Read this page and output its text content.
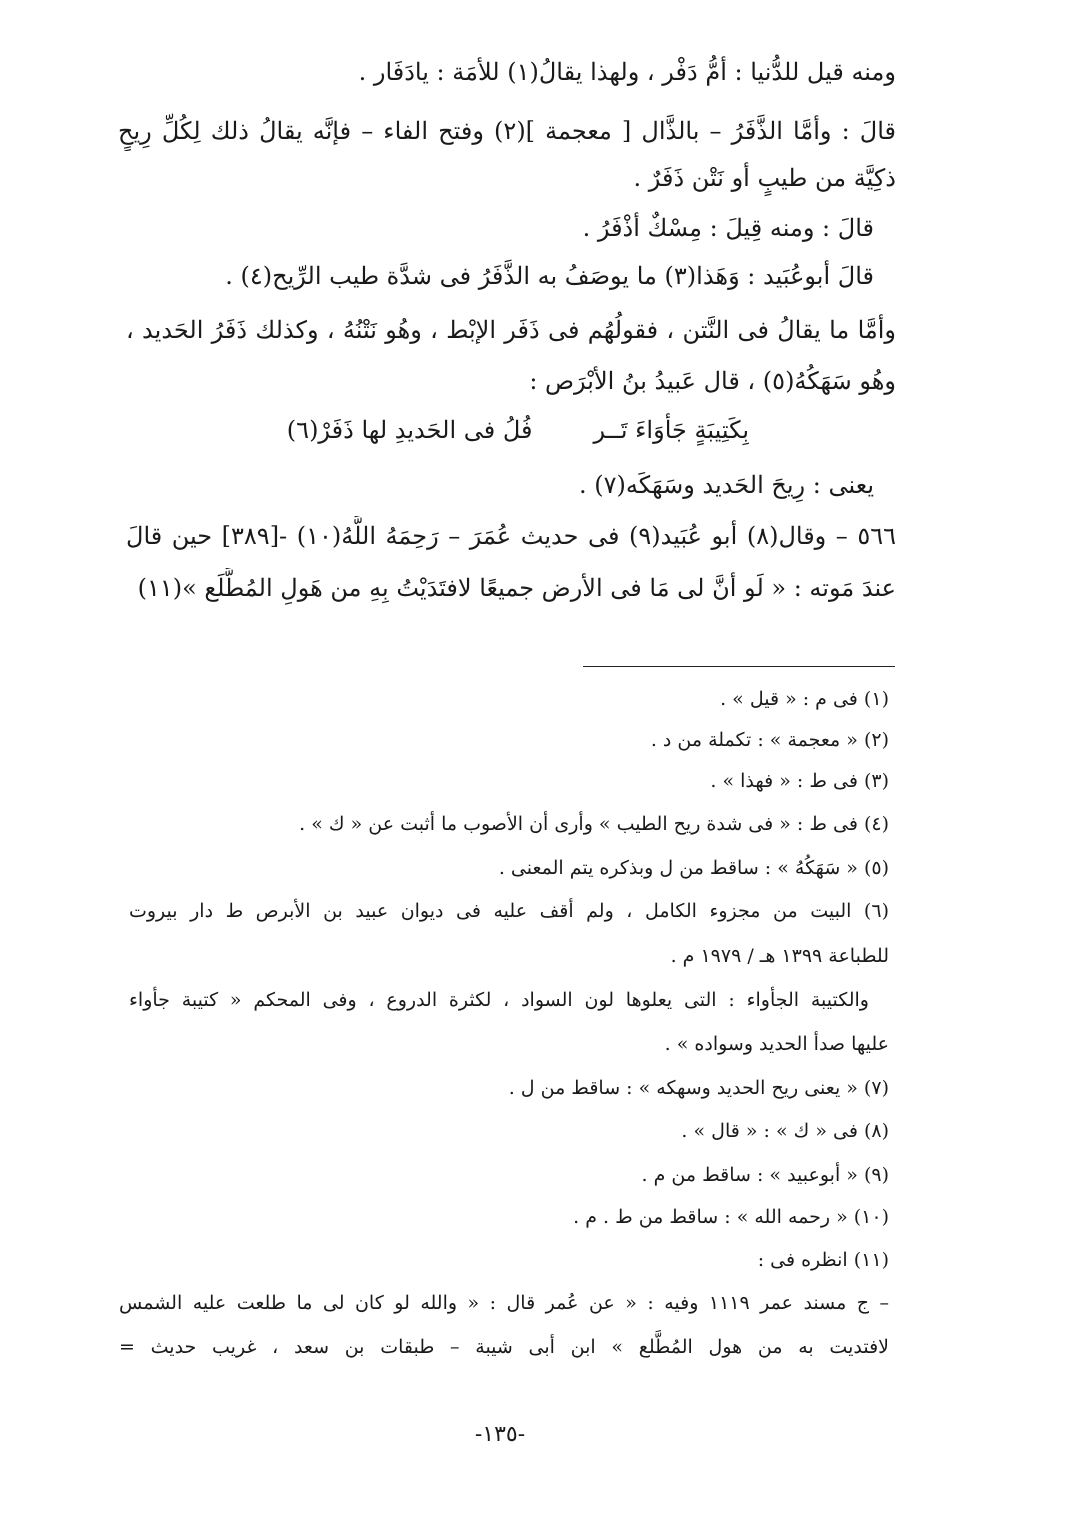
ومنه قيل للدُّنيا : أمُّ دَفْر ، ولهذا يقالُ(١) للأمَة : يادَفَار .
قالَ : وأمَّا الذَّفَرُ – بالذَّال [ معجمة ](٢) وفتح الفاء – فإنَّه يقالُ ذلك لِكُلِّ رِيحٍ
ذكِيَّة من طيبٍ أو نَتْن ذَفَرٌ .
قالَ : ومنه قِيلَ : مِسْكٌ أذْفَرُ .
قالَ أبوعُبَيد : وَهَذا(٣) ما يوصَفُ به الذَّفَرُ فى شدَّة طيب الرِّيح(٤) .
وأمَّا ما يقالُ فى النَّتن ، فقولُهُم فى ذَفَر الإبْط ، وهُو نَتْنُهُ ، وكذلك ذَفَرُ الحَديد ،
وهُو سَهَكُهُ(٥) ، قال عَبيدُ بنُ الأبْرَص :
بِكَتِيبَةٍ جَأوَاءَ تَــر        فُلُ فى الحَديدِ لها ذَفَرْ(٦)
يعنى : رِيحَ الحَديد وسَهَكَه(٧) .
٥٦٦ – وقال(٨) أبو عُبَيد(٩) فى حديث عُمَرَ – رَحِمَهُ اللَّهُ(١٠) -[٣٨٩] حين قالَ
عندَ مَوته : « لَو أنَّ لى مَا فى الأرض جميعًا لافتَدَيْتُ بِهِ من هَولِ المُطَّلَع »(١١)
(١) فى م : « قيل » .
(٢) « معجمة » : تكملة من د .
(٣) فى ط : « فهذا » .
(٤) فى ط : « فى شدة ريح الطيب » وأرى أن الأصوب ما أثبت عن « ك » .
(٥) « سَهَكُهُ » : ساقط من ل وبذكره يتم المعنى .
(٦) البيت من مجزوء الكامل ، ولم أقف عليه فى ديوان عبيد بن الأبرص ط دار بيروت
للطباعة ١٣٩٩ هـ / ١٩٧٩ م .
والكتيبة الجأواء : التى يعلوها لون السواد ، لكثرة الدروع ، وفى المحكم « كتيبة جأواء
عليها صدأ الحديد وسواده » .
(٧) « يعنى ريح الحديد وسهكه » : ساقط من ل .
(٨) فى « ك » : « قال » .
(٩) « أبوعبيد » : ساقط من م .
(١٠) « رحمه الله » : ساقط من ط . م .
(١١) انظره فى :
– ج مسند عمر ١١١٩ وفيه : « عن عُمر قال : « والله لو كان لى ما طلعت عليه الشمس
لافتديت به من هول المُطَّلع » ابن أبى شيبة – طبقات بن سعد ، غريب حديث =
-١٣٥-
